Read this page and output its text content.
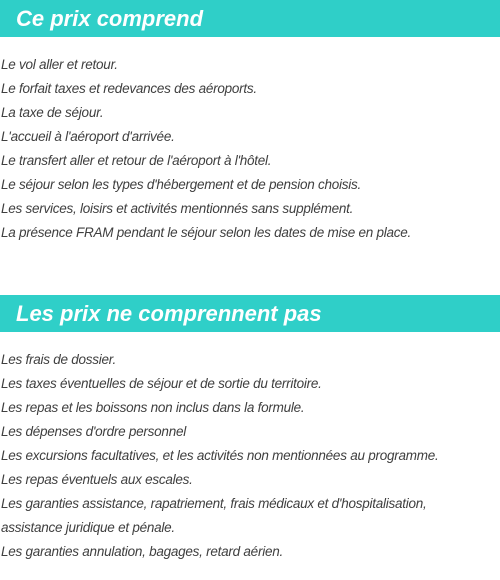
Ce prix comprend
Le vol aller et retour.
Le forfait taxes et redevances des aéroports.
La taxe de séjour.
L'accueil à l'aéroport d'arrivée.
Le transfert aller et retour de l'aéroport à l'hôtel.
Le séjour selon les types d'hébergement et de pension choisis.
Les services, loisirs et activités mentionnés sans supplément.
La présence FRAM pendant le séjour selon les dates de mise en place.
Les prix ne comprennent pas
Les frais de dossier.
Les taxes éventuelles de séjour et de sortie du territoire.
Les repas et les boissons non inclus dans la formule.
Les dépenses d'ordre personnel
Les excursions facultatives, et les activités non mentionnées au programme.
Les repas éventuels aux escales.
Les garanties assistance, rapatriement, frais médicaux et d'hospitalisation,
assistance juridique et pénale.
Les garanties annulation, bagages, retard aérien.
